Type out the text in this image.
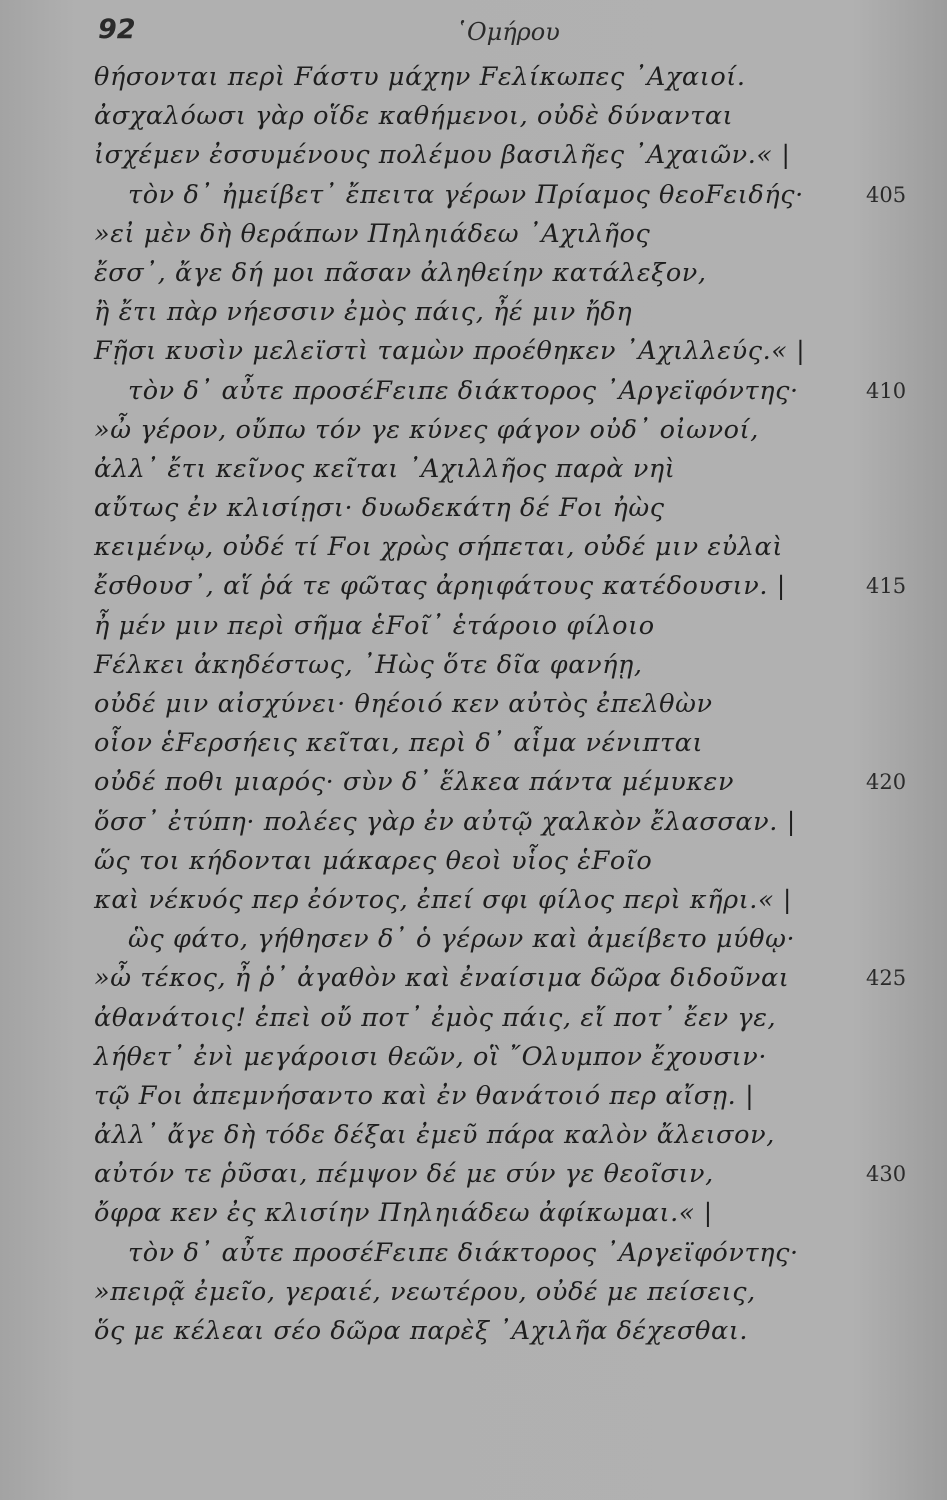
92	῾Ομήρου
θήσονται περὶ Fάστυ μάχην Fελίκωπες ᾿Αχαιοί.
ἀσχαλόωσι γὰρ οἵδε καθήμενοι, οὐδὲ δύνανται
ἰσχέμεν ἐσσυμένους πολέμου βασιλῆες ᾿Αχαιῶν.« |
τὸν δ᾿ ἠμείβετ᾿ ἔπειτα γέρων Πρίαμος θεοFειδής·	405
»εἰ μὲν δὴ θεράπων Πηληιάδεω ᾿Αχιλῆος
ἔσσ᾿, ἄγε δή μοι πᾶσαν ἀληθείην κατάλεξον,
ἢ ἔτι πὰρ νήεσσιν ἐμὸς πάις, ἦέ μιν ἤδη
Fῇσι κυσὶν μελεϊστὶ ταμὼν προέθηκεν ᾿Αχιλλεύς.« |
τὸν δ᾿ αὖτε προσέFειπε διάκτορος ᾿Αργεϊφόντης·	410
»ὦ γέρον, οὔπω τόν γε κύνες φάγον οὐδ᾿ οἰωνοί,
ἀλλ᾿ ἔτι κεῖνος κεῖται ᾿Αχιλλῆος παρὰ νηὶ
αὔτως ἐν κλισίῃσι· δυωδεκάτη δέ Fοι ἠὼς
κειμένῳ, οὐδέ τί Fοι χρὼς σήπεται, οὐδέ μιν εὐλαὶ
ἔσθουσ᾿, αἵ ῥά τε φῶτας ἀρηιφάτους κατέδουσιν. |	415
ἦ μέν μιν περὶ σῆμα ἑFοῖ᾿ ἑτάροιο φίλοιο
Fέλκει ἀκηδέστως, ᾿Ηὼς ὅτε δῖα φανήῃ,
οὐδέ μιν αἰσχύνει· θηέοιό κεν αὐτὸς ἐπελθὼν
οἷον ἑFερσήεις κεῖται, περὶ δ᾿ αἷμα νένιπται
οὐδέ ποθι μιαρός· σὺν δ᾿ ἕλκεα πάντα μέμυκεν	420
ὅσσ᾿ ἐτύπη· πολέες γὰρ ἐν αὐτῷ χαλκὸν ἔλασσαν. |
ὥς τοι κήδονται μάκαρες θεοὶ υἷος ἑFοῖο
καὶ νέκυός περ ἐόντος, ἐπεί σφι φίλος περὶ κῆρι.« |
ὣς φάτο, γήθησεν δ᾿ ὁ γέρων καὶ ἀμείβετο μύθῳ·
»ὦ τέκος, ἦ ῥ᾿ ἀγαθὸν καὶ ἐναίσιμα δῶρα διδοῦναι	425
ἀθανάτοις! ἐπεὶ οὔ ποτ᾿ ἐμὸς πάις, εἴ ποτ᾿ ἔεν γε,
λήθετ᾿ ἐνὶ μεγάροισι θεῶν, οἳ ῎Ολυμπον ἔχουσιν·
τῷ Fοι ἀπεμνήσαντο καὶ ἐν θανάτοιό περ αἴσῃ. |
ἀλλ᾿ ἄγε δὴ τόδε δέξαι ἐμεῦ πάρα καλὸν ἄλεισον,
αὐτόν τε ῥῦσαι, πέμψον δέ με σύν γε θεοῖσιν,	430
ὄφρα κεν ἐς κλισίην Πηληιάδεω ἀφίκωμαι.« |
τὸν δ᾿ αὖτε προσέFειπε διάκτορος ᾿Αργεϊφόντης·
»πειρᾷ ἐμεῖο, γεραιέ, νεωτέρου, οὐδέ με πείσεις,
ὅς με κέλεαι σέο δῶρα παρὲξ ᾿Αχιλῆα δέχεσθαι.
